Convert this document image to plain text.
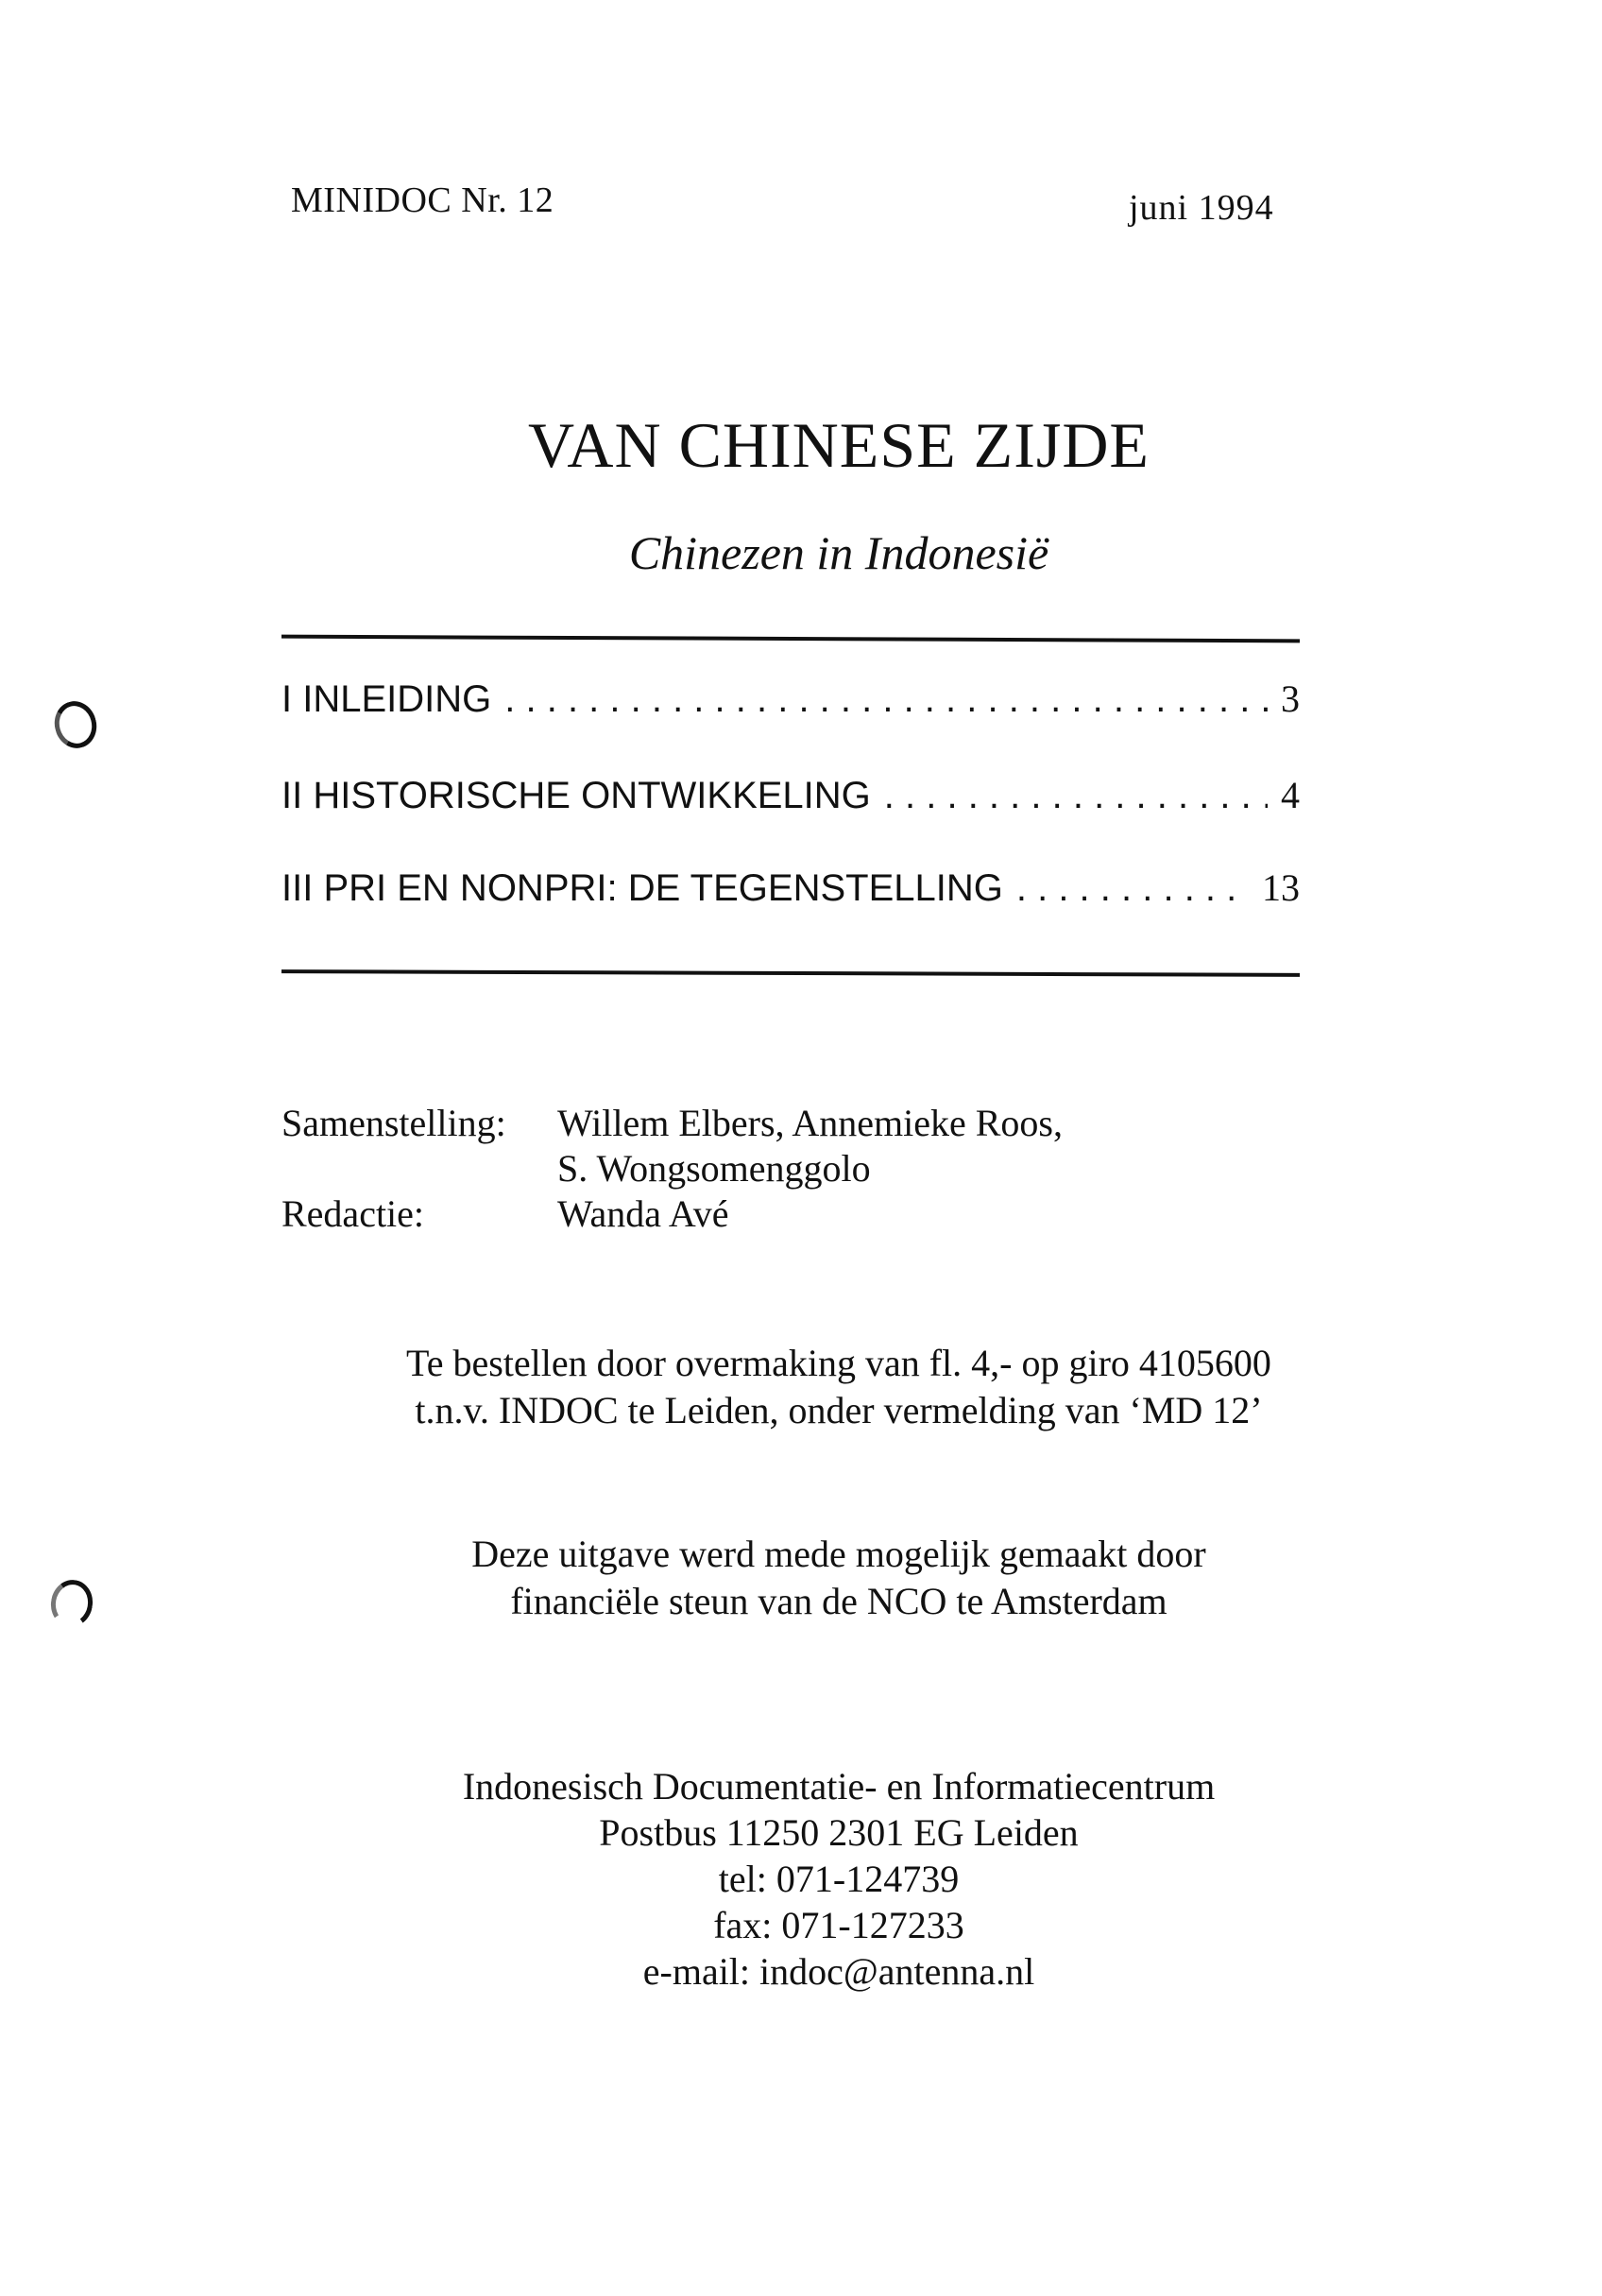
MINIDOC Nr. 12	juni 1994
VAN CHINESE ZIJDE
Chinezen in Indonesië
I INLEIDING . . .	3
II HISTORISCHE ONTWIKKELING . . .	4
III PRI EN NONPRI: DE TEGENSTELLING . . .	13
Samenstelling:	Willem Elbers, Annemieke Roos,
S. Wongsomenggolo
Redactie:	Wanda Avé
Te bestellen door overmaking van fl. 4,- op giro 4105600
t.n.v. INDOC te Leiden, onder vermelding van ‘MD 12’
Deze uitgave werd mede mogelijk gemaakt door
financiële steun van de NCO te Amsterdam
Indonesisch Documentatie- en Informatiecentrum
Postbus 11250 2301 EG Leiden
tel: 071-124739
fax: 071-127233
e-mail: indoc@antenna.nl
